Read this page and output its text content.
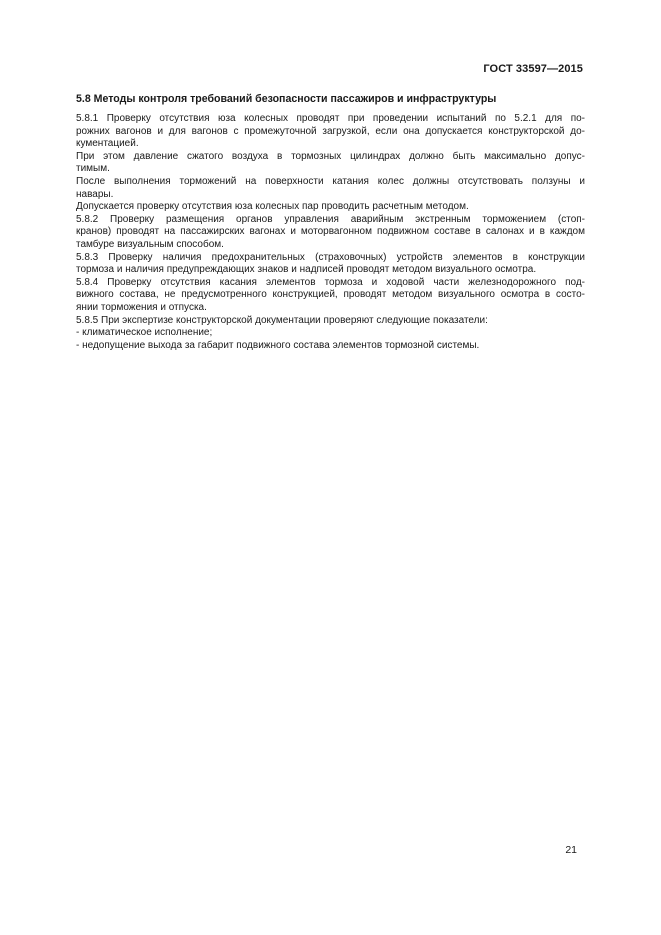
ГОСТ 33597—2015
5.8 Методы контроля требований безопасности пассажиров и инфраструктуры
5.8.1 Проверку отсутствия юза колесных проводят при проведении испытаний по 5.2.1 для по-
рожних вагонов и для вагонов с промежуточной загрузкой, если она допускается конструкторской до-
кументацией.
При этом давление сжатого воздуха в тормозных цилиндрах должно быть максимально допус-
тимым.
После выполнения торможений на поверхности катания колес должны отсутствовать ползуны и
навары.
Допускается проверку отсутствия юза колесных пар проводить расчетным методом.
5.8.2 Проверку размещения органов управления аварийным экстренным торможением (стоп-
кранов) проводят на пассажирских вагонах и моторвагонном подвижном составе в салонах и в каждом
тамбуре визуальным способом.
5.8.3 Проверку наличия предохранительных (страховочных) устройств элементов в конструкции
тормоза и наличия предупреждающих знаков и надписей проводят методом визуального осмотра.
5.8.4 Проверку отсутствия касания элементов тормоза и ходовой части железнодорожного под-
вижного состава, не предусмотренного конструкцией, проводят методом визуального осмотра в состо-
янии торможения и отпуска.
5.8.5 При экспертизе конструкторской документации проверяют следующие показатели:
- климатическое исполнение;
- недопущение выхода за габарит подвижного состава элементов тормозной системы.
21
